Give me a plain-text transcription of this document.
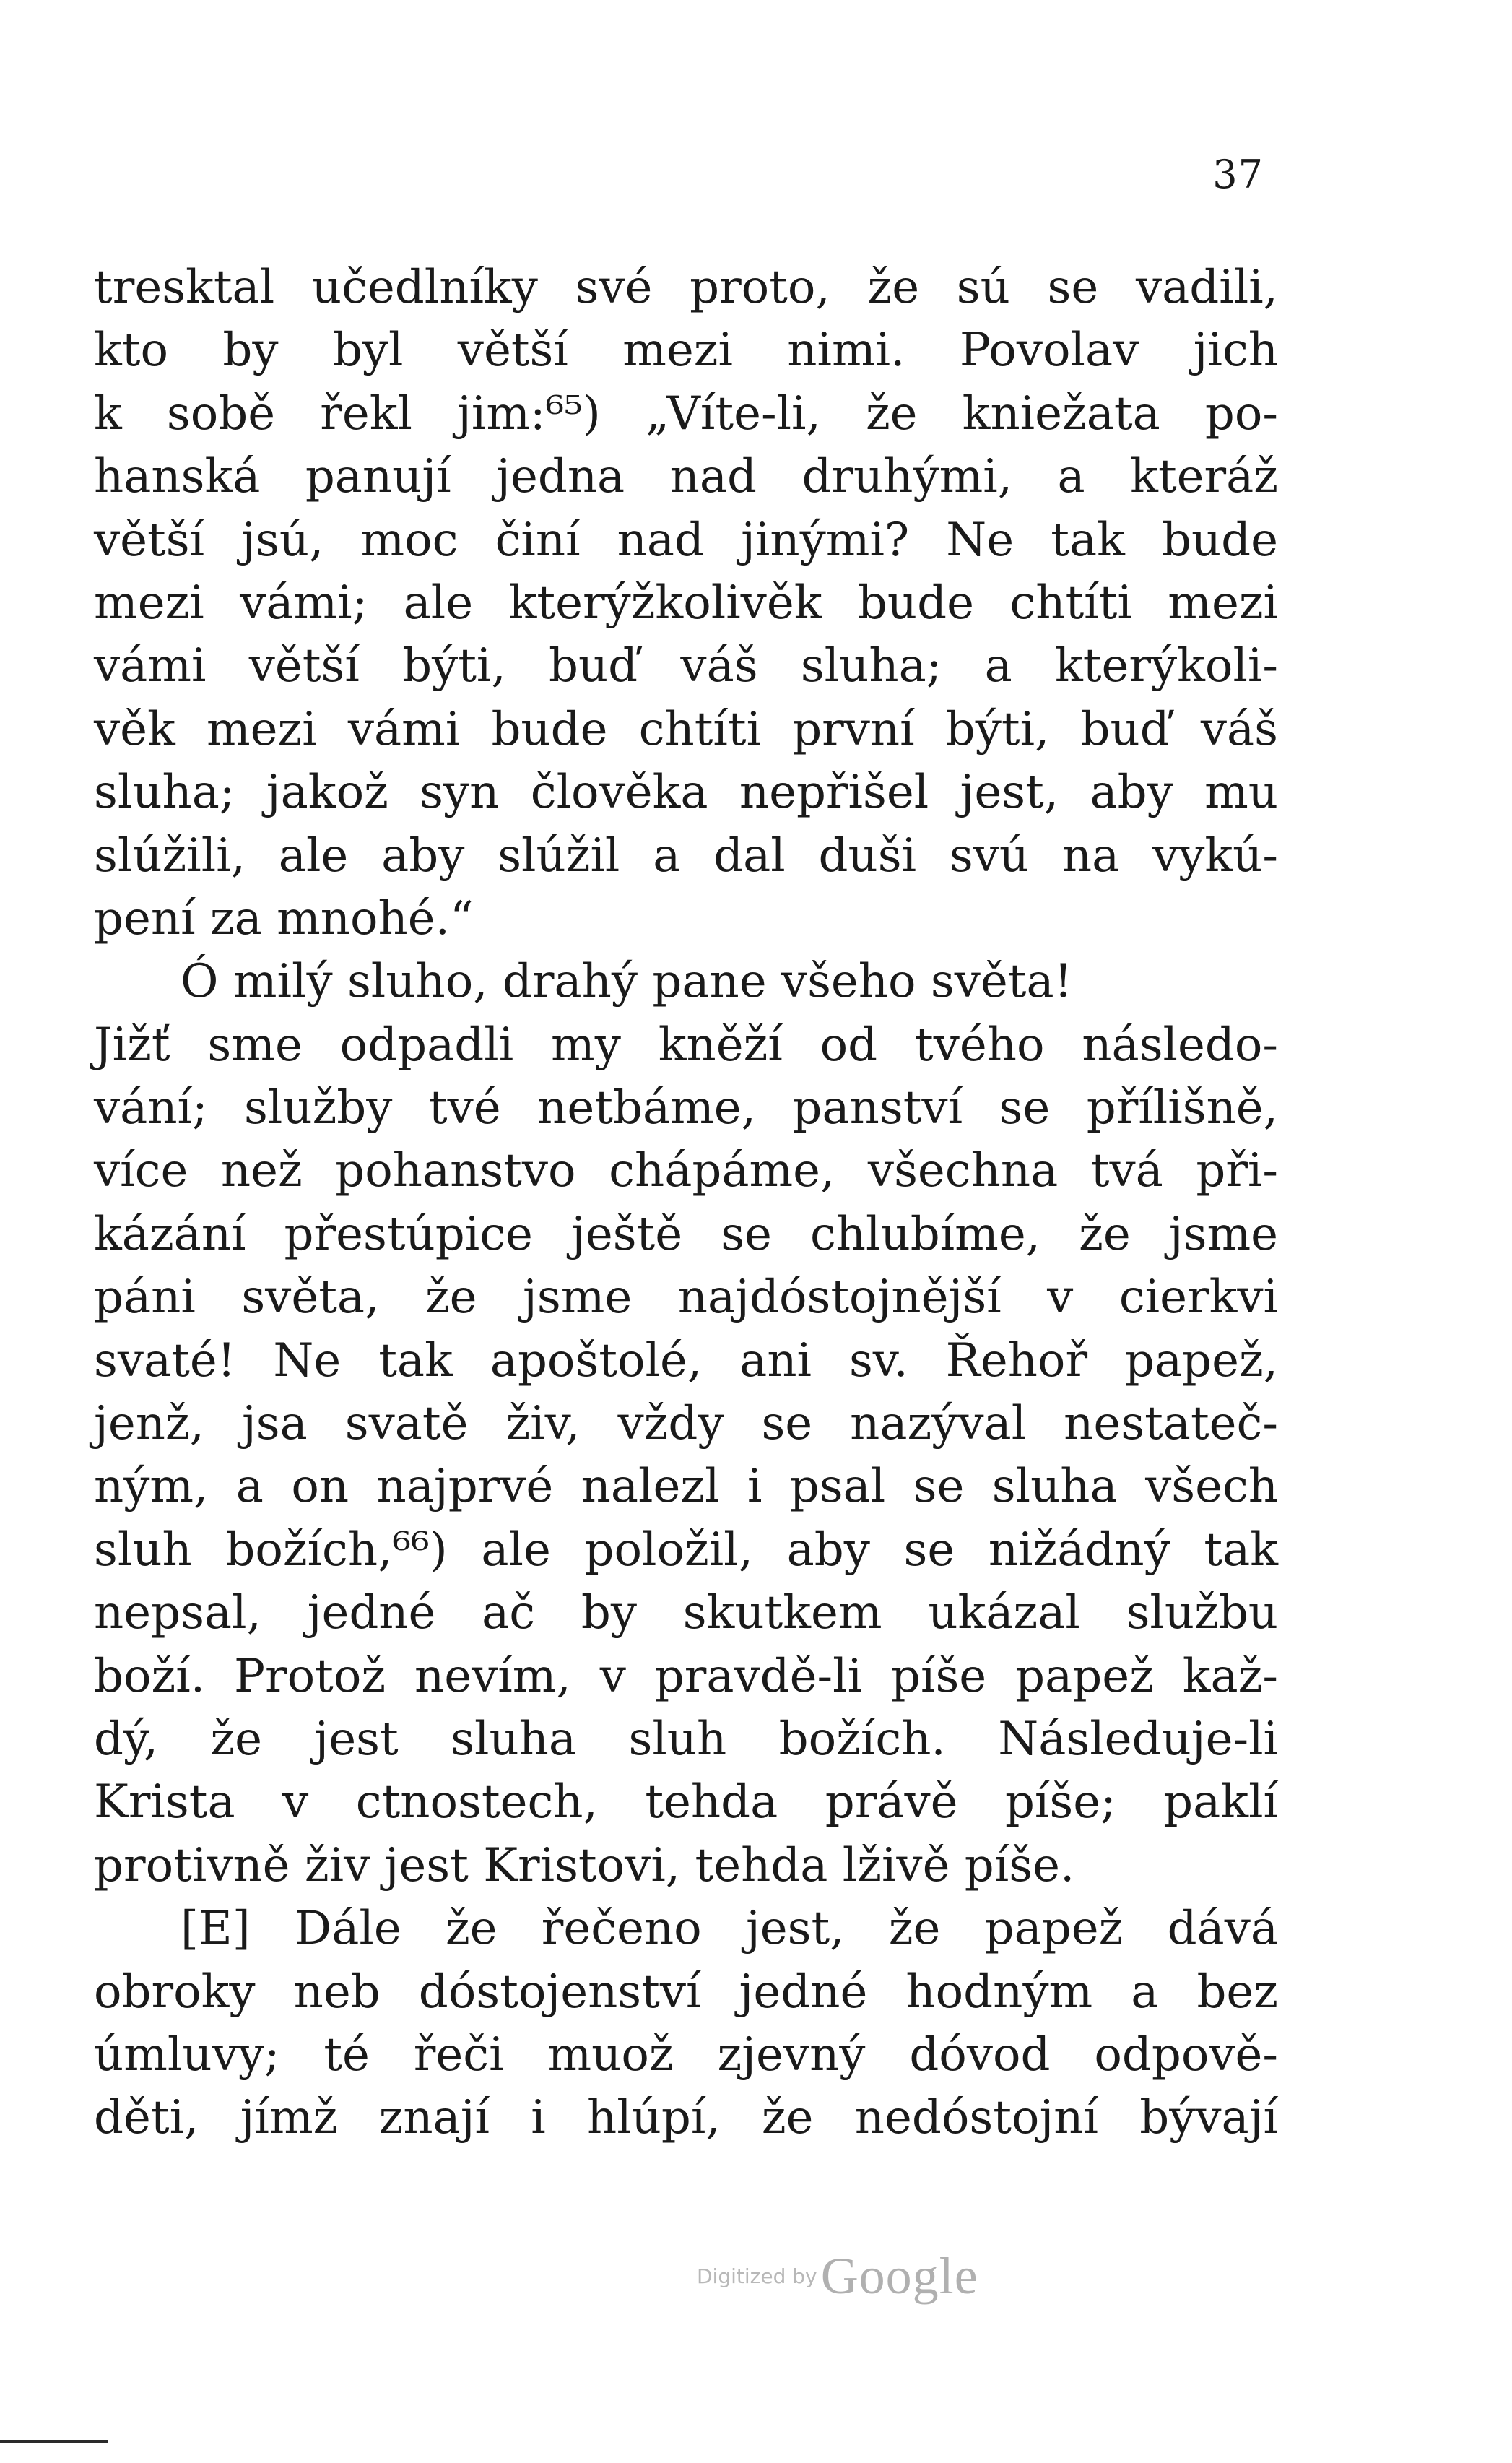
37
tresktal učedlníky své proto, že sú se vadili,
kto by byl větší mezi nimi. Povolav jich
k sobě řekl jim:⁶⁵) „Víte-li, že kniežata po-
hanská panují jedna nad druhými, a kteráž
větší jsú, moc činí nad jinými? Ne tak bude
mezi vámi; ale kterýžkolivěk bude chtíti mezi
vámi větší býti, buď váš sluha; a kterýkoli-
věk mezi vámi bude chtíti první býti, buď váš
sluha; jakož syn člověka nepřišel jest, aby mu
slúžili, ale aby slúžil a dal duši svú na vykú-
pení za mnohé.“
Ó milý sluho, drahý pane všeho světa!
Jižť sme odpadli my kněží od tvého následo-
vání; služby tvé netbáme, panství se přílišně,
více než pohanstvo chápáme, všechna tvá při-
kázání přestúpice ještě se chlubíme, že jsme
páni světa, že jsme najdóstojnější v cierkvi
svaté! Ne tak apoštolé, ani sv. Řehoř papež,
jenž, jsa svatě živ, vždy se nazýval nestateč-
ným, a on najprvé nalezl i psal se sluha všech
sluh božích,⁶⁶) ale položil, aby se nižádný tak
nepsal, jedné ač by skutkem ukázal službu
boží. Protož nevím, v pravdě-li píše papež kaž-
dý, že jest sluha sluh božích. Následuje-li
Krista v ctnostech, tehda právě píše; paklí
protivně živ jest Kristovi, tehda lživě píše.
[E] Dále že řečeno jest, že papež dává
obroky neb dóstojenství jedné hodným a bez
úmluvy; té řeči muož zjevný dóvod odpově-
děti, jímž znají i hlúpí, že nedóstojní bývají
Digitized by Google
